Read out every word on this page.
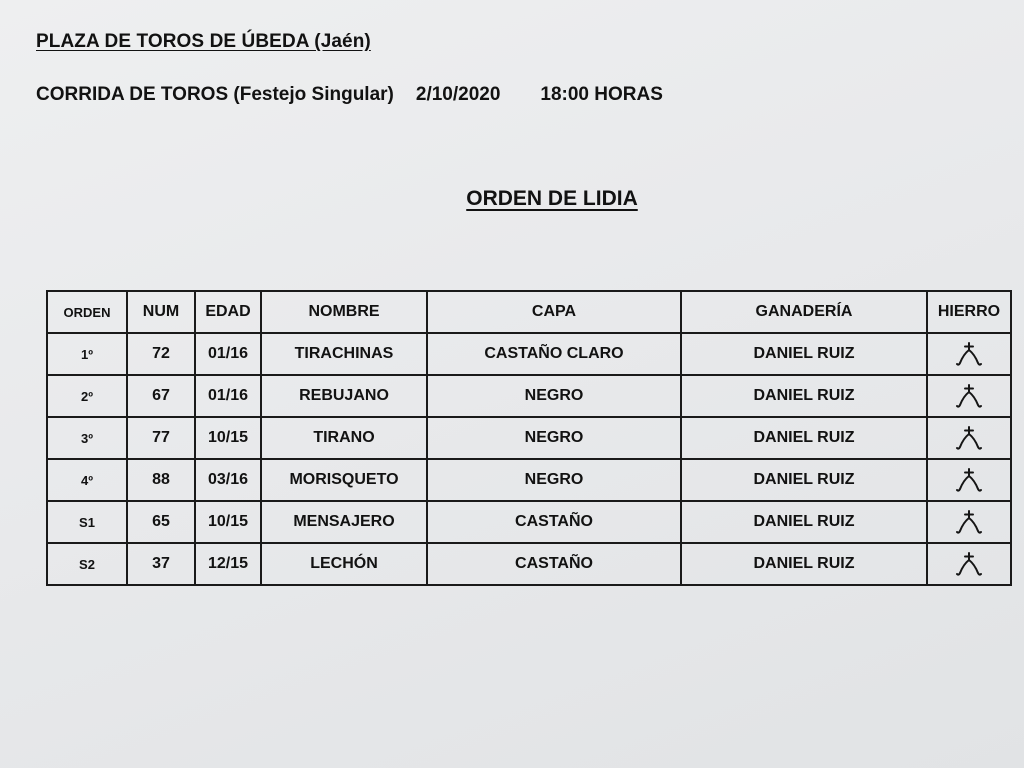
PLAZA DE TOROS DE ÚBEDA (Jaén)
CORRIDA DE TOROS (Festejo Singular) 2/10/2020 18:00 HORAS
ORDEN DE LIDIA
ORDEN	NUM	EDAD	NOMBRE	CAPA	GANADERÍA	HIERRO
1º	72	01/16	TIRACHINAS	CASTAÑO CLARO	DANIEL RUIZ	

2º	67	01/16	REBUJANO	NEGRO	DANIEL RUIZ	

3º	77	10/15	TIRANO	NEGRO	DANIEL RUIZ	

4º	88	03/16	MORISQUETO	NEGRO	DANIEL RUIZ	

S1	65	10/15	MENSAJERO	CASTAÑO	DANIEL RUIZ	

S2	37	12/15	LECHÓN	CASTAÑO	DANIEL RUIZ	
